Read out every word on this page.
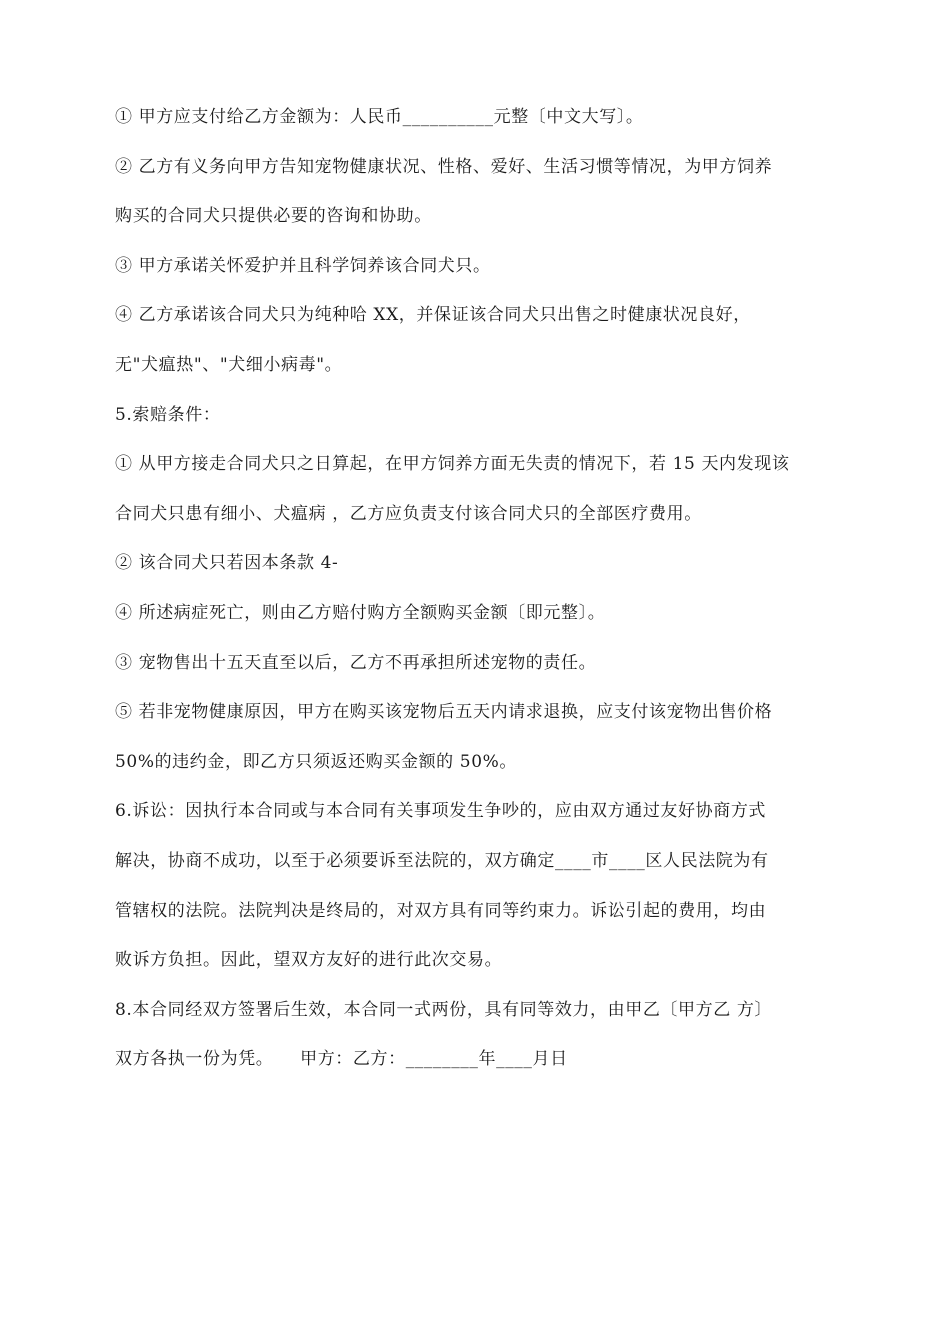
① 甲方应支付给乙方金额为：人民币__________元整〔中文大写〕。
② 乙方有义务向甲方告知宠物健康状况、性格、爱好、生活习惯等情况，为甲方饲养
购买的合同犬只提供必要的咨询和协助。
③ 甲方承诺关怀爱护并且科学饲养该合同犬只。
④ 乙方承诺该合同犬只为纯种哈 XX，并保证该合同犬只出售之时健康状况良好，
无"犬瘟热"、"犬细小病毒"。
5.索赔条件：
① 从甲方接走合同犬只之日算起，在甲方饲养方面无失责的情况下，若 15 天内发现该
合同犬只患有细小、犬瘟病 ，乙方应负责支付该合同犬只的全部医疗费用。
② 该合同犬只若因本条款 4-
④ 所述病症死亡，则由乙方赔付购方全额购买金额〔即元整〕。
③ 宠物售出十五天直至以后，乙方不再承担所述宠物的责任。
⑤ 若非宠物健康原因，甲方在购买该宠物后五天内请求退换，应支付该宠物出售价格
50%的违约金，即乙方只须返还购买金额的 50%。
6.诉讼：因执行本合同或与本合同有关事项发生争吵的，应由双方通过友好协商方式
解决，协商不成功，以至于必须要诉至法院的，双方确定____市____区人民法院为有
管辖权的法院。法院判决是终局的，对双方具有同等约束力。诉讼引起的费用，均由
败诉方负担。因此，望双方友好的进行此次交易。
8.本合同经双方签署后生效，本合同一式两份，具有同等效力，由甲乙〔甲方乙 方〕
双方各执一份为凭。　　甲方：乙方：________年____月日
